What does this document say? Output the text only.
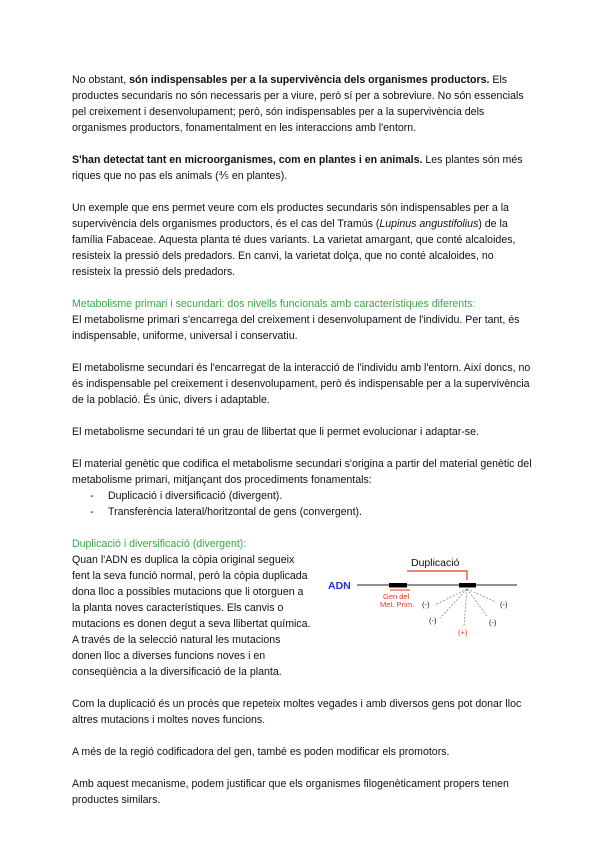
No obstant, són indispensables per a la supervivència dels organismes productors. Els productes secundaris no són necessaris per a viure, però sí per a sobreviure. No són essencials pel creixement i desenvolupament; però, són indispensables per a la supervivència dels organismes productors, fonamentalment en les interaccions amb l'entorn.

S'han detectat tant en microorganismes, com en plantes i en animals. Les plantes són més riques que no pas els animals (⅘ en plantes).

Un exemple que ens permet veure com els productes secundaris són indispensables per a la supervivència dels organismes productors, és el cas del Tramús (Lupinus angustifolius) de la família Fabaceae. Aquesta planta té dues variants. La varietat amargant, que conté alcaloides, resisteix la pressió dels predadors. En canvi, la varietat dolça, que no conté alcaloides, no resisteix la pressió dels predadors.

Metabolisme primari i secundari: dos nivells funcionals amb característiques diferents:

El metabolisme primari s'encarrega del creixement i desenvolupament de l'individu. Per tant, és indispensable, uniforme, universal i conservatiu.

El metabolisme secundari és l'encarregat de la interacció de l'individu amb l'entorn. Així doncs, no és indispensable pel creixement i desenvolupament, però és indispensable per a la supervivència de la població. És únic, divers i adaptable.

El metabolisme secundari té un grau de llibertat que li permet evolucionar i adaptar-se.

El material genètic que codifica el metabolisme secundari s'origina a partir del material genètic del metabolisme primari, mitjançant dos procediments fonamentals:

- Duplicació i diversificació (divergent).
- Transferència lateral/horitzontal de gens (convergent).

Duplicació i diversificació (divergent):

Quan l'ADN es duplica la còpia original segueix fent la seva funció normal, però la còpia duplicada dona lloc a possibles mutacions que li otorguen a la planta noves característiques. Els canvis o mutacions es donen degut a seva llibertat química. A través de la selecció natural les mutacions donen lloc a diverses funcions noves i en conseqüència a la diversificació de la planta.

Duplicació
ADN
Gen del
Met. Prim. (-)
(-)
(+)
(-)
(-)

Com la duplicació és un procès que repeteix moltes vegades i amb diversos gens pot donar lloc altres mutacions i moltes noves funcions.

A més de la regió codificadora del gen, també es poden modificar els promotors.

Amb aquest mecanisme, podem justificar que els organismes filogenèticament propers tenen productes similars.
